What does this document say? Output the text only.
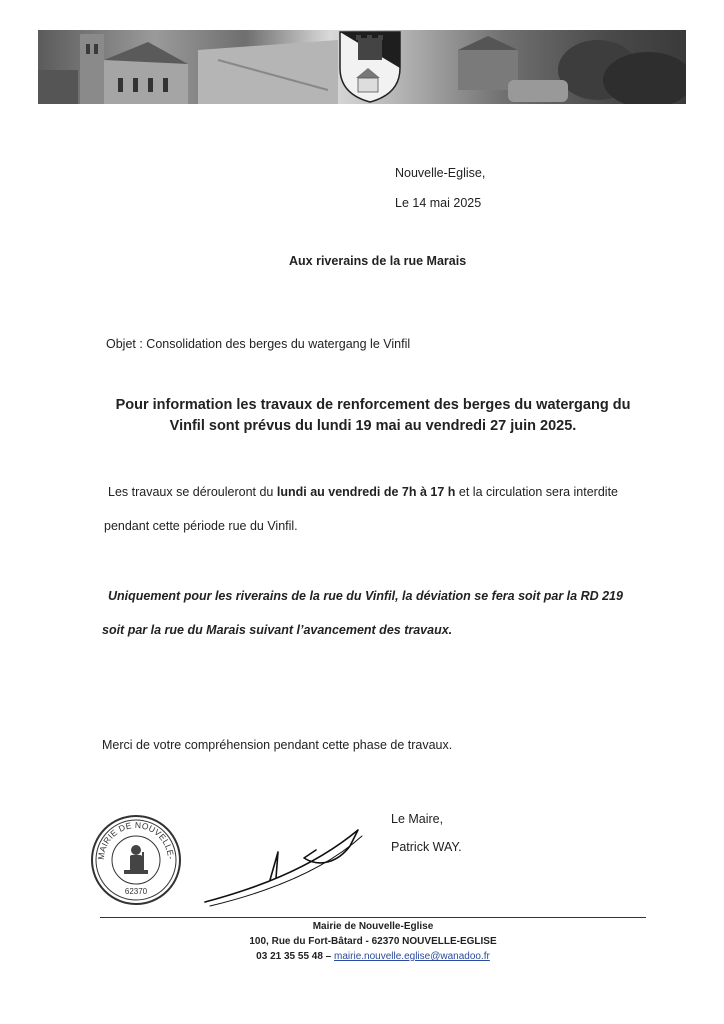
Nouvelle-Eglise,
Le 14 mai 2025
Aux riverains de la rue Marais
Objet : Consolidation des berges du watergang le Vinfil
Pour information les travaux de renforcement des berges du watergang du
Vinfil sont prévus du lundi 19 mai au vendredi 27 juin 2025.
Les travaux se dérouleront du lundi au vendredi de 7h à 17 h et la circulation sera interdite
pendant cette période rue du Vinfil.
Uniquement pour les riverains de la rue du Vinfil, la déviation se fera soit par la RD 219
soit par la rue du Marais suivant l’avancement des travaux.
Merci de votre compréhension pendant cette phase de travaux.
Le Maire,
Patrick WAY.
MAIRIE DE NOUVELLE-
62370
Mairie de Nouvelle-Eglise
100, Rue du Fort-Bâtard - 62370 NOUVELLE-EGLISE
03 21 35 55 48 – mairie.nouvelle.eglise@wanadoo.fr
